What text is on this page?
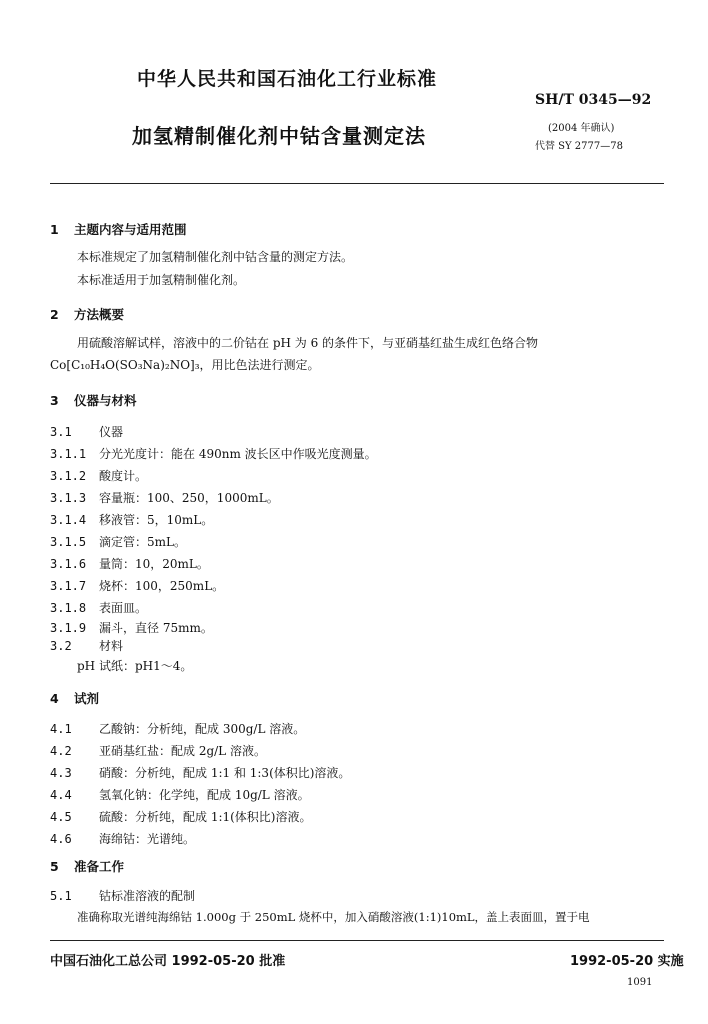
中华人民共和国石油化工行业标准
SH/T 0345—92
加氢精制催化剂中钴含量测定法	(2004 年确认)
代替 SY 2777—78
1 主题内容与适用范围
本标准规定了加氢精制催化剂中钴含量的测定方法。
本标准适用于加氢精制催化剂。
2 方法概要
用硫酸溶解试样，溶液中的二价钴在 pH 为 6 的条件下，与亚硝基红盐生成红色络合物
Co[C₁₀H₄O(SO₃Na)₂NO]₃，用比色法进行测定。
3 仪器与材料
3.1 仪器
3.1.1 分光光度计：能在 490nm 波长区中作吸光度测量。
3.1.2 酸度计。
3.1.3 容量瓶：100、250，1000mL。
3.1.4 移液管：5，10mL。
3.1.5 滴定管：5mL。
3.1.6 量筒：10，20mL。
3.1.7 烧杯：100，250mL。
3.1.8 表面皿。
3.1.9 漏斗，直径 75mm。
3.2 材料
pH 试纸：pH1～4。
4 试剂
4.1 乙酸钠：分析纯，配成 300g/L 溶液。
4.2 亚硝基红盐：配成 2g/L 溶液。
4.3 硝酸：分析纯，配成 1:1 和 1:3(体积比)溶液。
4.4 氢氧化钠：化学纯，配成 10g/L 溶液。
4.5 硫酸：分析纯，配成 1:1(体积比)溶液。
4.6 海绵钴：光谱纯。
5 准备工作
5.1 钴标准溶液的配制
准确称取光谱纯海绵钴 1.000g 于 250mL 烧杯中，加入硝酸溶液(1:1)10mL，盖上表面皿，置于电
中国石油化工总公司 1992-05-20 批准	1992-05-20 实施
1091
